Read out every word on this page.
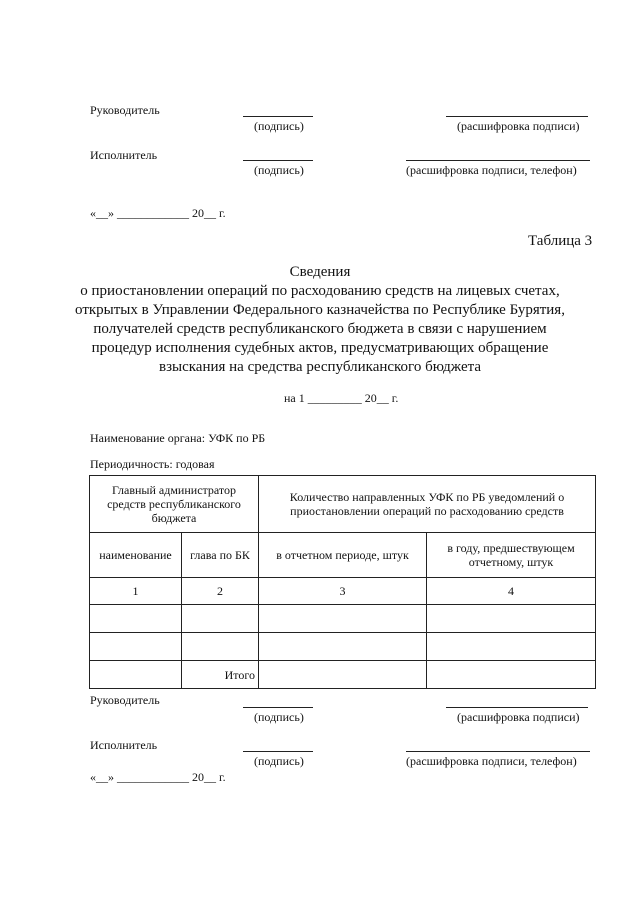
Руководитель
(подпись)	(расшифровка подписи)
Исполнитель
(подпись)	(расшифровка подписи, телефон)
«__» ____________ 20__ г.
Таблица 3
Сведения
о приостановлении операций по расходованию средств на лицевых счетах,
открытых в Управлении Федерального казначейства по Республике Бурятия,
получателей средств республиканского бюджета в связи с нарушением
процедур исполнения судебных актов, предусматривающих обращение
взыскания на средства республиканского бюджета
на 1 _________ 20__ г.
Наименование органа: УФК по РБ
Периодичность: годовая
Главный администратор средств республиканского бюджета		Количество направленных УФК по РБ уведомлений о приостановлении операций по расходованию средств	
наименование	глава по БК	в отчетном периоде, штук	в году, предшествующем отчетному, штук
1	2	3	4

	Итого		
Руководитель
(подпись)	(расшифровка подписи)
Исполнитель
(подпись)	(расшифровка подписи, телефон)
«__» ____________ 20__ г.
